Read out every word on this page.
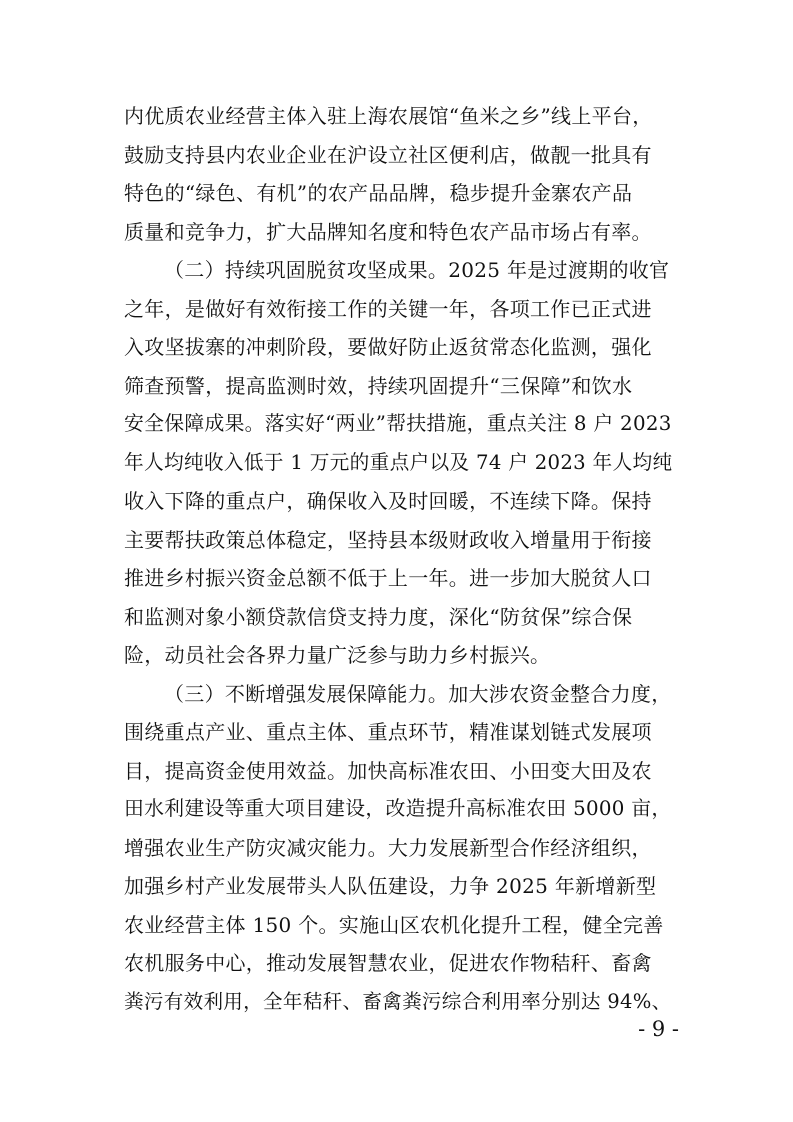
内优质农业经营主体入驻上海农展馆“鱼米之乡”线上平台，
鼓励支持县内农业企业在沪设立社区便利店，做靓一批具有
特色的“绿色、有机”的农产品品牌，稳步提升金寨农产品
质量和竞争力，扩大品牌知名度和特色农产品市场占有率。
（二）持续巩固脱贫攻坚成果。2025 年是过渡期的收官
之年，是做好有效衔接工作的关键一年，各项工作已正式进
入攻坚拔寨的冲刺阶段，要做好防止返贫常态化监测，强化
筛查预警，提高监测时效，持续巩固提升“三保障”和饮水
安全保障成果。落实好“两业”帮扶措施，重点关注 8 户 2023
年人均纯收入低于 1 万元的重点户以及 74 户 2023 年人均纯
收入下降的重点户，确保收入及时回暖，不连续下降。保持
主要帮扶政策总体稳定，坚持县本级财政收入增量用于衔接
推进乡村振兴资金总额不低于上一年。进一步加大脱贫人口
和监测对象小额贷款信贷支持力度，深化“防贫保”综合保
险，动员社会各界力量广泛参与助力乡村振兴。
（三）不断增强发展保障能力。加大涉农资金整合力度，
围绕重点产业、重点主体、重点环节，精准谋划链式发展项
目，提高资金使用效益。加快高标准农田、小田变大田及农
田水利建设等重大项目建设，改造提升高标准农田 5000 亩，
增强农业生产防灾减灾能力。大力发展新型合作经济组织，
加强乡村产业发展带头人队伍建设，力争 2025 年新增新型
农业经营主体 150 个。实施山区农机化提升工程，健全完善
农机服务中心，推动发展智慧农业，促进农作物秸秆、畜禽
粪污有效利用，全年秸秆、畜禽粪污综合利用率分别达 94%、
- 9 -
